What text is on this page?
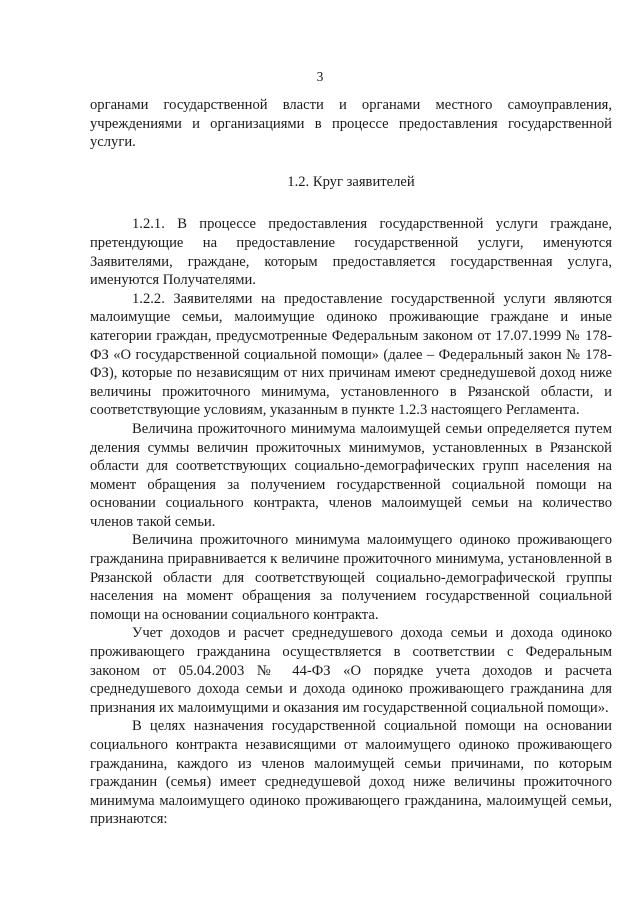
3

органами государственной власти и органами местного самоуправления, учреждениями и организациями в процессе предоставления государственной услуги.

1.2. Круг заявителей

1.2.1. В процессе предоставления государственной услуги граждане, претендующие на предоставление государственной услуги, именуются Заявителями, граждане, которым предоставляется государственная услуга, именуются Получателями.

1.2.2. Заявителями на предоставление государственной услуги являются малоимущие семьи, малоимущие одиноко проживающие граждане и иные категории граждан, предусмотренные Федеральным законом от 17.07.1999 № 178-ФЗ «О государственной социальной помощи» (далее – Федеральный закон № 178-ФЗ), которые по независящим от них причинам имеют среднедушевой доход ниже величины прожиточного минимума, установленного в Рязанской области, и соответствующие условиям, указанным в пункте 1.2.3 настоящего Регламента.

Величина прожиточного минимума малоимущей семьи определяется путем деления суммы величин прожиточных минимумов, установленных в Рязанской области для соответствующих социально-демографических групп населения на момент обращения за получением государственной социальной помощи на основании социального контракта, членов малоимущей семьи на количество членов такой семьи.

Величина прожиточного минимума малоимущего одиноко проживающего гражданина приравнивается к величине прожиточного минимума, установленной в Рязанской области для соответствующей социально-демографической группы населения на момент обращения за получением государственной социальной помощи на основании социального контракта.

Учет доходов и расчет среднедушевого дохода семьи и дохода одиноко проживающего гражданина осуществляется в соответствии с Федеральным законом от 05.04.2003 № 44-ФЗ «О порядке учета доходов и расчета среднедушевого дохода семьи и дохода одиноко проживающего гражданина для признания их малоимущими и оказания им государственной социальной помощи».

В целях назначения государственной социальной помощи на основании социального контракта независящими от малоимущего одиноко проживающего гражданина, каждого из членов малоимущей семьи причинами, по которым гражданин (семья) имеет среднедушевой доход ниже величины прожиточного минимума малоимущего одиноко проживающего гражданина, малоимущей семьи, признаются:
